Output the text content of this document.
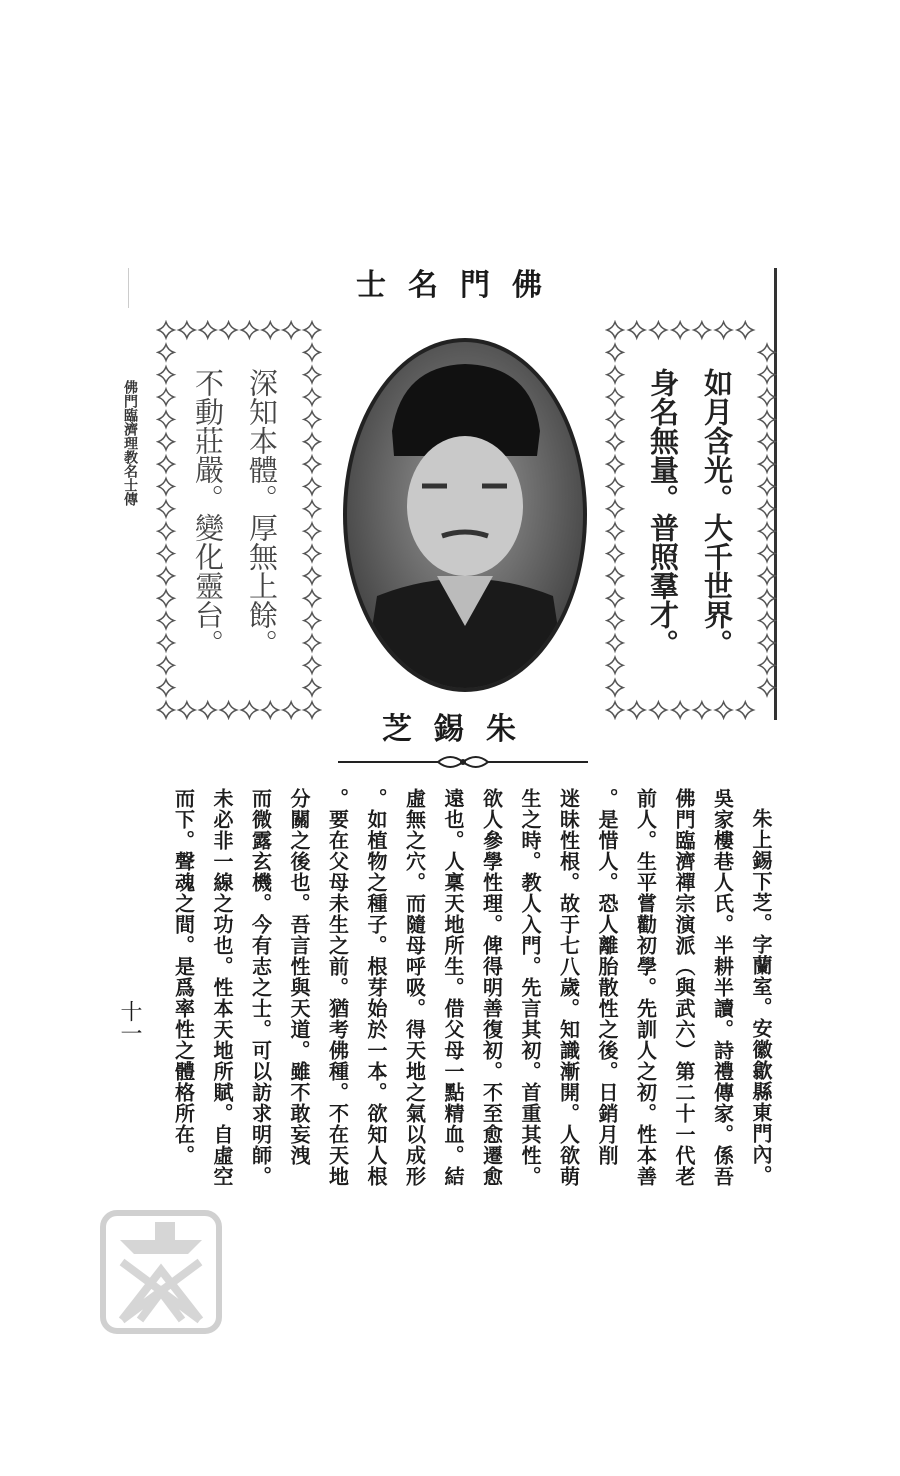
佛門臨濟理教名士傳	如月含光。大千世界。
身名無量。普照羣才。
深知本體。厚無上餘。
不動莊嚴。變化靈台。
朱錫芝
朱上錫下芝。字蘭室。安徽歙縣東門內。
吳家樓巷人氏。半耕半讀。詩禮傳家。係吾
佛門臨濟禪宗演派（與武六）第二十一代老
前人。生平嘗勸初學。先訓人之初。性本善
。是惜人。恐人離胎散性之後。日銷月削
迷昧性根。故于七八歲。知識漸開。人欲萌
生之時。教人入門。先言其初。首重其性。
欲人參學性理。俾得明善復初。不至愈遷愈
遠也。人稟天地所生。借父母一點精血。結
虛無之穴。而隨母呼吸。得天地之氣以成形
。如植物之種子。根芽始於一本。欲知人根
。要在父母未生之前。猶考佛種。不在天地
分關之後也。吾言性與天道。雖不敢妄洩
而微露玄機。今有志之士。可以訪求明師。
未必非一線之功也。性本天地所賦。自虛空
而下。聲魂之間。是爲率性之體格所在。
十一
佛門名士
